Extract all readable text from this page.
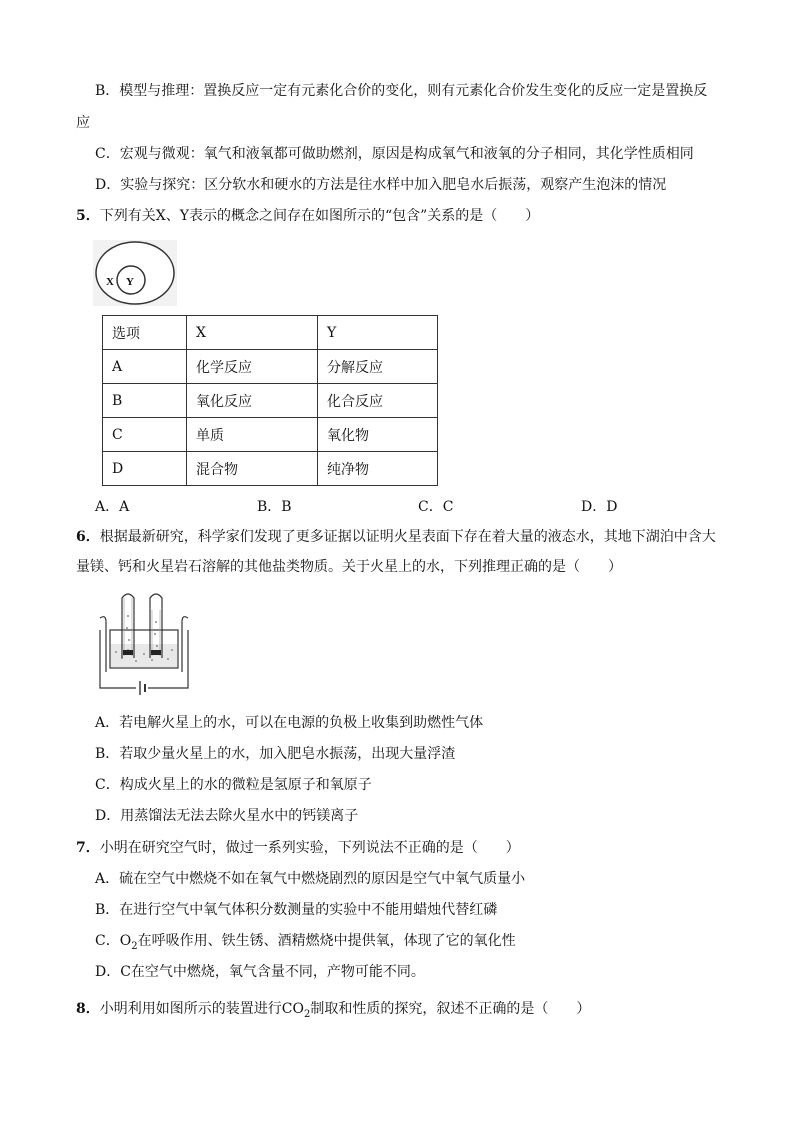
B．模型与推理：置换反应一定有元素化合价的变化，则有元素化合价发生变化的反应一定是置换反
应
C．宏观与微观：氧气和液氧都可做助燃剂，原因是构成氧气和液氧的分子相同，其化学性质相同
D．实验与探究：区分软水和硬水的方法是往水样中加入肥皂水后振荡，观察产生泡沫的情况
5．下列有关X、Y表示的概念之间存在如图所示的“包含”关系的是（　　）
X Y
选项	X	Y
A	化学反应	分解反应
B	氧化反应	化合反应
C	单质	氧化物
D	混合物	纯净物
A．A	B．B	C．C	D．D
6．根据最新研究，科学家们发现了更多证据以证明火星表面下存在着大量的液态水，其地下湖泊中含大
量镁、钙和火星岩石溶解的其他盐类物质。关于火星上的水，下列推理正确的是（　　）
A．若电解火星上的水，可以在电源的负极上收集到助燃性气体
B．若取少量火星上的水，加入肥皂水振荡，出现大量浮渣
C．构成火星上的水的微粒是氢原子和氧原子
D．用蒸馏法无法去除火星水中的钙镁离子
7．小明在研究空气时，做过一系列实验，下列说法不正确的是（　　）
A．硫在空气中燃烧不如在氧气中燃烧剧烈的原因是空气中氧气质量小
B．在进行空气中氧气体积分数测量的实验中不能用蜡烛代替红磷
C．$O_2$在呼吸作用、铁生锈、酒精燃烧中提供氧，体现了它的氧化性
D．C在空气中燃烧，氧气含量不同，产物可能不同。
8．小明利用如图所示的装置进行$CO_2$制取和性质的探究，叙述不正确的是（　　）
